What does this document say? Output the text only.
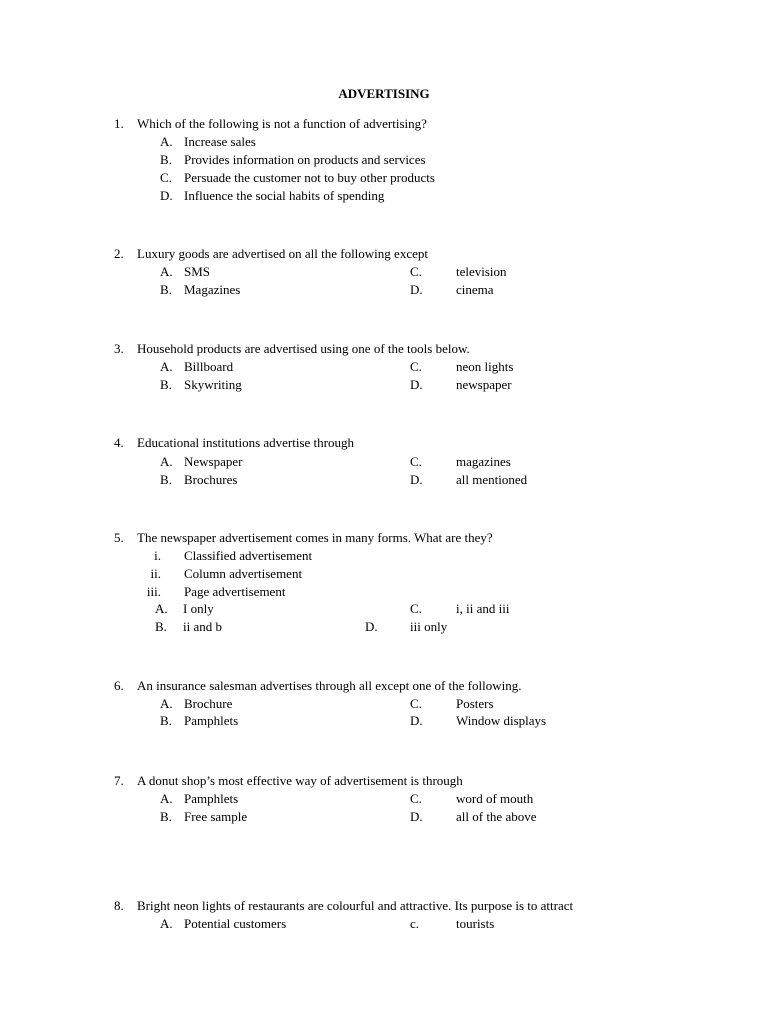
ADVERTISING
1. Which of the following is not a function of advertising?
A. Increase sales
B. Provides information on products and services
C. Persuade the customer not to buy other products
D. Influence the social habits of spending
2. Luxury goods are advertised on all the following except
A. SMS	C.	television
B. Magazines	D.	cinema
3. Household products are advertised using one of the tools below.
A. Billboard	C.	neon lights
B. Skywriting	D.	newspaper
4. Educational institutions advertise through
A. Newspaper	C.	magazines
B. Brochures	D.	all mentioned
5. The newspaper advertisement comes in many forms. What are they?
i. Classified advertisement
ii. Column advertisement
iii. Page advertisement
A. I only	C.	i, ii and iii
B. ii and b	D. iii only
6. An insurance salesman advertises through all except one of the following.
A. Brochure	C.	Posters
B. Pamphlets	D.	Window displays
7. A donut shop’s most effective way of advertisement is through
A. Pamphlets	C.	word of mouth
B. Free sample	D.	all of the above
8. Bright neon lights of restaurants are colourful and attractive. Its purpose is to attract
A. Potential customers	c.	tourists
